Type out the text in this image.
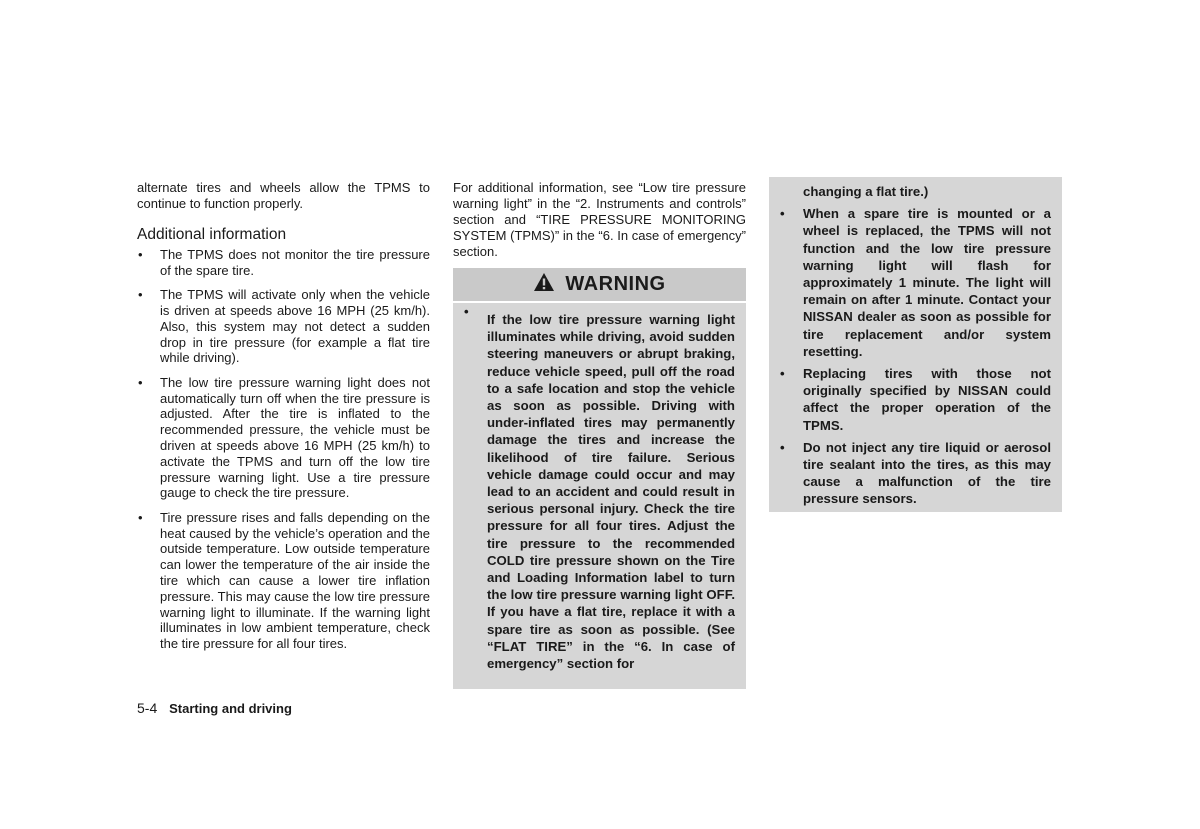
alternate tires and wheels allow the TPMS to continue to function properly.

Additional information
• The TPMS does not monitor the tire pressure of the spare tire.
• The TPMS will activate only when the vehicle is driven at speeds above 16 MPH (25 km/h). Also, this system may not detect a sudden drop in tire pressure (for example a flat tire while driving).
• The low tire pressure warning light does not automatically turn off when the tire pressure is adjusted. After the tire is inflated to the recommended pressure, the vehicle must be driven at speeds above 16 MPH (25 km/h) to activate the TPMS and turn off the low tire pressure warning light. Use a tire pressure gauge to check the tire pressure.
• Tire pressure rises and falls depending on the heat caused by the vehicle’s operation and the outside temperature. Low outside temperature can lower the temperature of the air inside the tire which can cause a lower tire inflation pressure. This may cause the low tire pressure warning light to illuminate. If the warning light illuminates in low ambient temperature, check the tire pressure for all four tires.

For additional information, see “Low tire pressure warning light” in the “2. Instruments and controls” section and “TIRE PRESSURE MONITORING SYSTEM (TPMS)” in the “6. In case of emergency” section.

WARNING
•
If the low tire pressure warning light illuminates while driving, avoid sudden steering maneuvers or abrupt braking, reduce vehicle speed, pull off the road to a safe location and stop the vehicle as soon as possible. Driving with under-inflated tires may permanently damage the tires and increase the likelihood of tire failure. Serious vehicle damage could occur and may lead to an accident and could result in serious personal injury. Check the tire pressure for all four tires. Adjust the tire pressure to the recommended COLD tire pressure shown on the Tire and Loading Information label to turn the low tire pressure warning light OFF. If you have a flat tire, replace it with a spare tire as soon as possible. (See “FLAT TIRE” in the “6. In case of emergency” section for

changing a flat tire.)

• When a spare tire is mounted or a wheel is replaced, the TPMS will not function and the low tire pressure warning light will flash for approximately 1 minute. The light will remain on after 1 minute. Contact your NISSAN dealer as soon as possible for tire replacement and/or system resetting.
• Replacing tires with those not originally specified by NISSAN could affect the proper operation of the TPMS.
• Do not inject any tire liquid or aerosol tire sealant into the tires, as this may cause a malfunction of the tire pressure sensors.
5-4 Starting and driving
